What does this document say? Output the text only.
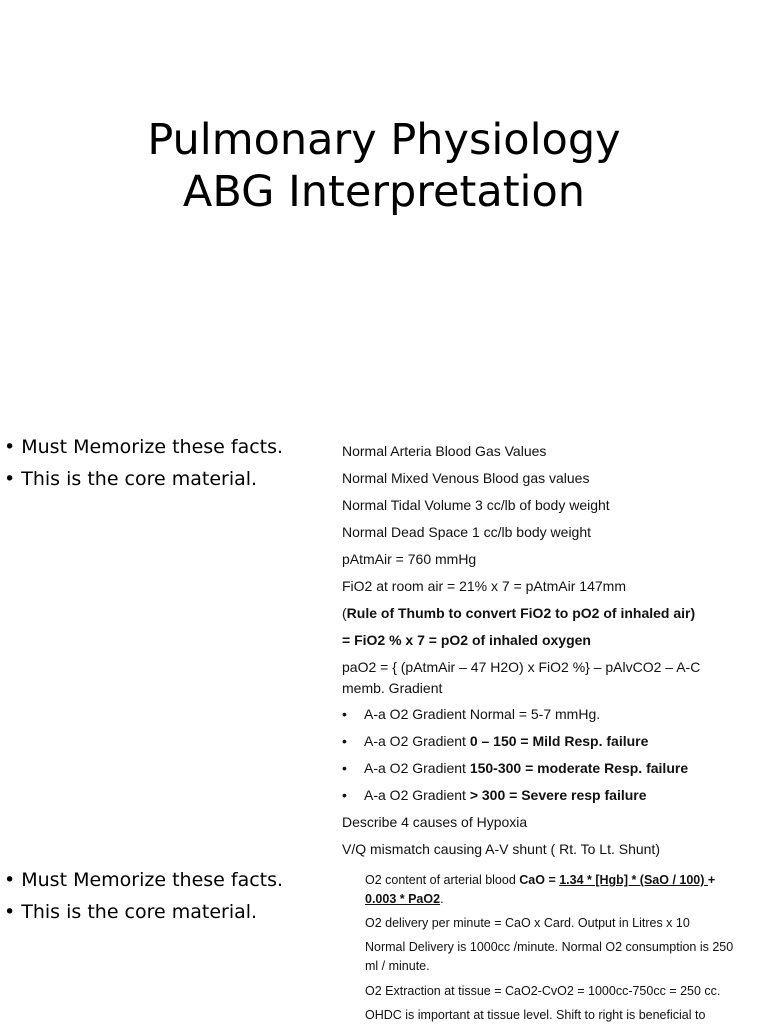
Pulmonary Physiology
ABG Interpretation
• Must Memorize these facts.
• This is the core material.
Normal Arteria Blood Gas Values
Normal Mixed Venous Blood gas values
Normal Tidal Volume 3 cc/lb of body weight
Normal Dead Space 1 cc/lb body weight
pAtmAir = 760 mmHg
FiO2 at room air = 21% x 7 = pAtmAir 147mm
(Rule of Thumb to convert FiO2 to pO2 of inhaled air)
= FiO2 % x 7 = pO2 of inhaled oxygen
paO2 = { (pAtmAir – 47 H2O) x FiO2 %} – pAlvCO2 – A-C memb. Gradient
• A-a O2 Gradient Normal = 5-7 mmHg.
• A-a O2 Gradient 0 – 150 = Mild Resp. failure
• A-a O2 Gradient 150-300 = moderate Resp. failure
• A-a O2 Gradient > 300 = Severe resp failure
Describe 4 causes of Hypoxia
V/Q mismatch causing A-V shunt ( Rt. To Lt. Shunt)
• Must Memorize these facts.
• This is the core material.
O2 content of arterial blood CaO = 1.34 * [Hgb] * (SaO / 100) +
0.003 * PaO2.
O2 delivery per minute = CaO x Card. Output in Litres x 10
Normal Delivery is 1000cc /minute. Normal O2 consumption is 250 ml / minute.
O2 Extraction at tissue = CaO2-CvO2 = 1000cc-750cc = 250 cc.
OHDC is important at tissue level. Shift to right is beneficial to
